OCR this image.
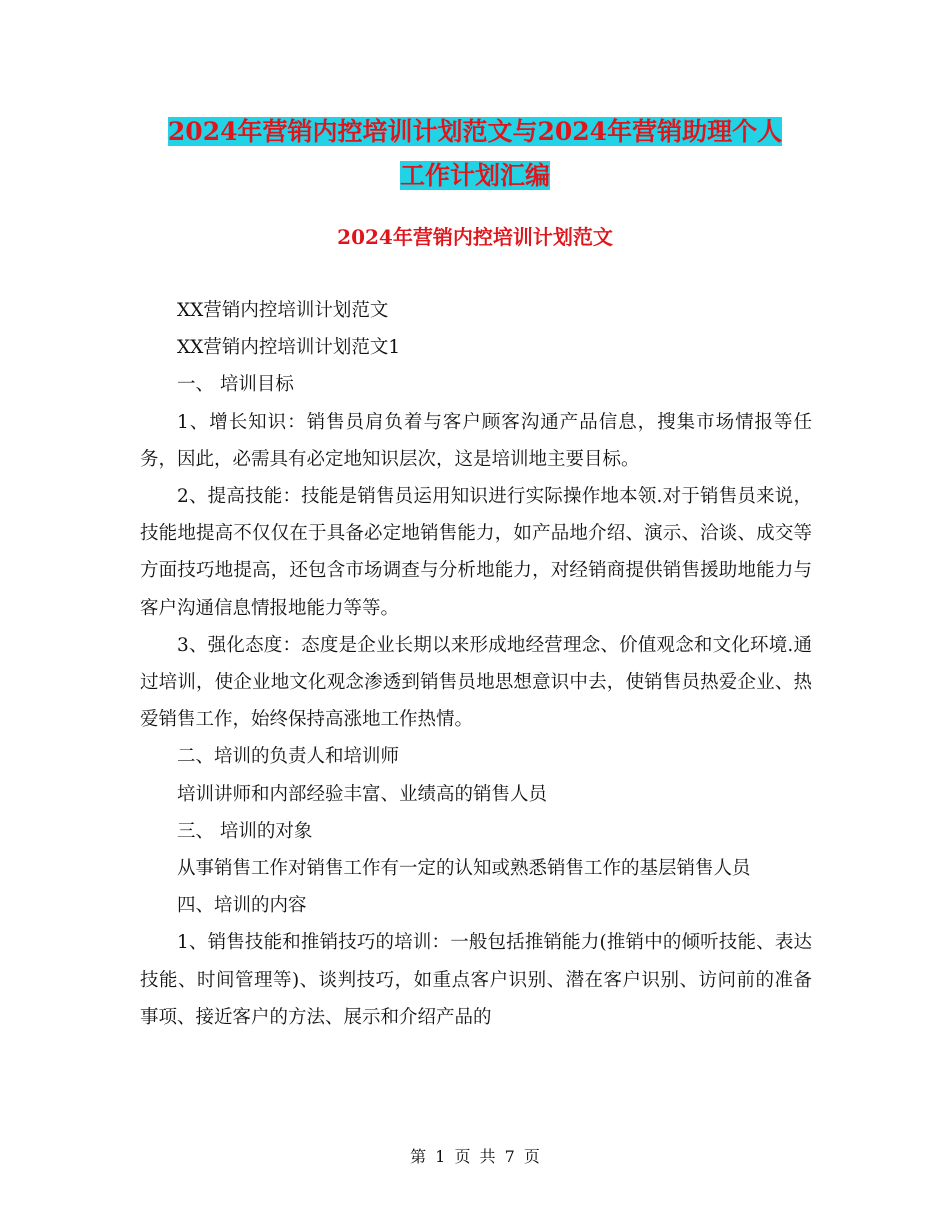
2024年营销内控培训计划范文与2024年营销助理个人
工作计划汇编
2024年营销内控培训计划范文

XX营销内控培训计划范文

XX营销内控培训计划范文1

一、 培训目标

1、增长知识：销售员肩负着与客户顾客沟通产品信息，搜集市场情报等任务，因此，必需具有必定地知识层次，这是培训地主要目标。

2、提高技能：技能是销售员运用知识进行实际操作地本领.对于销售员来说，技能地提高不仅仅在于具备必定地销售能力，如产品地介绍、演示、洽谈、成交等方面技巧地提高，还包含市场调查与分析地能力，对经销商提供销售援助地能力与客户沟通信息情报地能力等等。

3、强化态度：态度是企业长期以来形成地经营理念、价值观念和文化环境.通过培训，使企业地文化观念渗透到销售员地思想意识中去，使销售员热爱企业、热爱销售工作，始终保持高涨地工作热情。

二、培训的负责人和培训师

培训讲师和内部经验丰富、业绩高的销售人员

三、 培训的对象

从事销售工作对销售工作有一定的认知或熟悉销售工作的基层销售人员

四、培训的内容

1、销售技能和推销技巧的培训：一般包括推销能力(推销中的倾听技能、表达技能、时间管理等)、谈判技巧，如重点客户识别、潜在客户识别、访问前的准备事项、接近客户的方法、展示和介绍产品的

第 1 页 共 7 页
